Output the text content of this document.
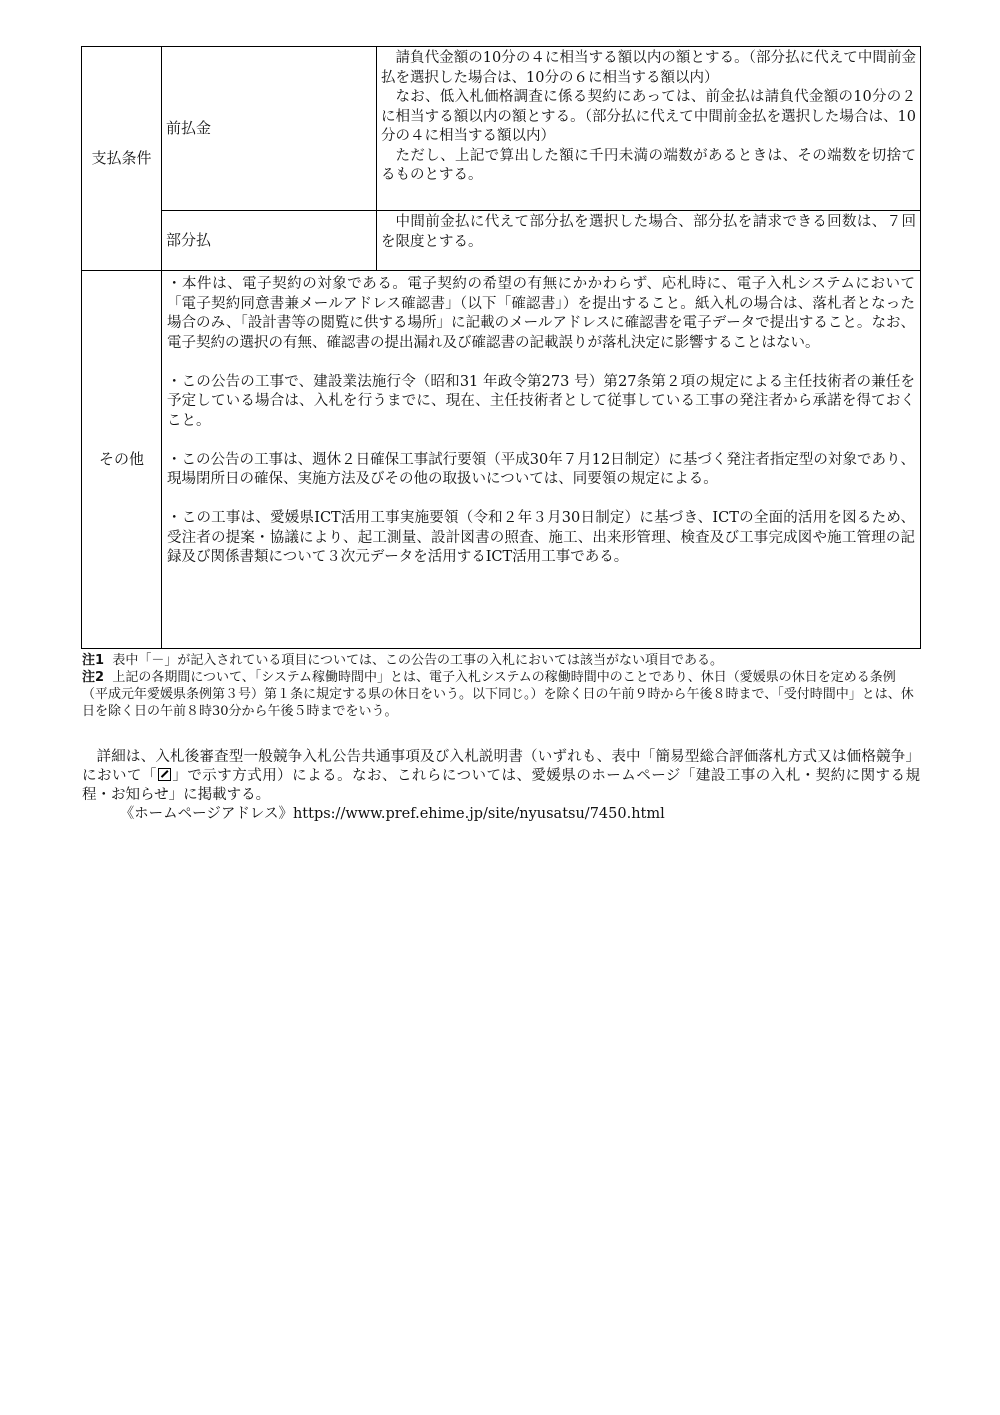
支払条件	前払金	請負代金額の10分の４に相当する額以内の額とする。（部分払に代えて中間前金払を選択した場合は、10分の６に相当する額以内）

なお、低入札価格調査に係る契約にあっては、前金払は請負代金額の10分の２に相当する額以内の額とする。（部分払に代えて中間前金払を選択した場合は、10分の４に相当する額以内）

ただし、上記で算出した額に千円未満の端数があるときは、その端数を切捨てるものとする。

	部分払	中間前金払に代えて部分払を選択した場合、部分払を請求できる回数は、７回を限度とする。

その他	・本件は、電子契約の対象である。電子契約の希望の有無にかかわらず、応札時に、電子入札システムにおいて「電子契約同意書兼メールアドレス確認書」（以下「確認書」）を提出すること。紙入札の場合は、落札者となった場合のみ、「設計書等の閲覧に供する場所」に記載のメールアドレスに確認書を電子データで提出すること。なお、電子契約の選択の有無、確認書の提出漏れ及び確認書の記載誤りが落札決定に影響することはない。

・この公告の工事で、建設業法施行令（昭和31 年政令第273 号）第27条第２項の規定による主任技術者の兼任を予定している場合は、入札を行うまでに、現在、主任技術者として従事している工事の発注者から承諾を得ておくこと。

・この公告の工事は、週休２日確保工事試行要領（平成30年７月12日制定）に基づく発注者指定型の対象であり、現場閉所日の確保、実施方法及びその他の取扱いについては、同要領の規定による。

・この工事は、愛媛県ICT活用工事実施要領（令和２年３月30日制定）に基づき、ICTの全面的活用を図るため、受注者の提案・協議により、起工測量、設計図書の照査、施工、出来形管理、検査及び工事完成図や施工管理の記録及び関係書類について３次元データを活用するICT活用工事である。	

注1 表中「－」が記入されている項目については、この公告の工事の入札においては該当がない項目である。

注2 上記の各期間について、「システム稼働時間中」とは、電子入札システムの稼働時間中のことであり、休日（愛媛県の休日を定める条例（平成元年愛媛県条例第３号）第１条に規定する県の休日をいう。以下同じ。）を除く日の午前９時から午後８時まで、「受付時間中」とは、休日を除く日の午前８時30分から午後５時までをいう。

詳細は、入札後審査型一般競争入札公告共通事項及び入札説明書（いずれも、表中「簡易型総合評価落札方式又は価格競争」において「 」で示す方式用）による。なお、これらについては、愛媛県のホームページ「建設工事の入札・契約に関する規程・お知らせ」に掲載する。

《ホームページアドレス》https://www.pref.ehime.jp/site/nyusatsu/7450.html
